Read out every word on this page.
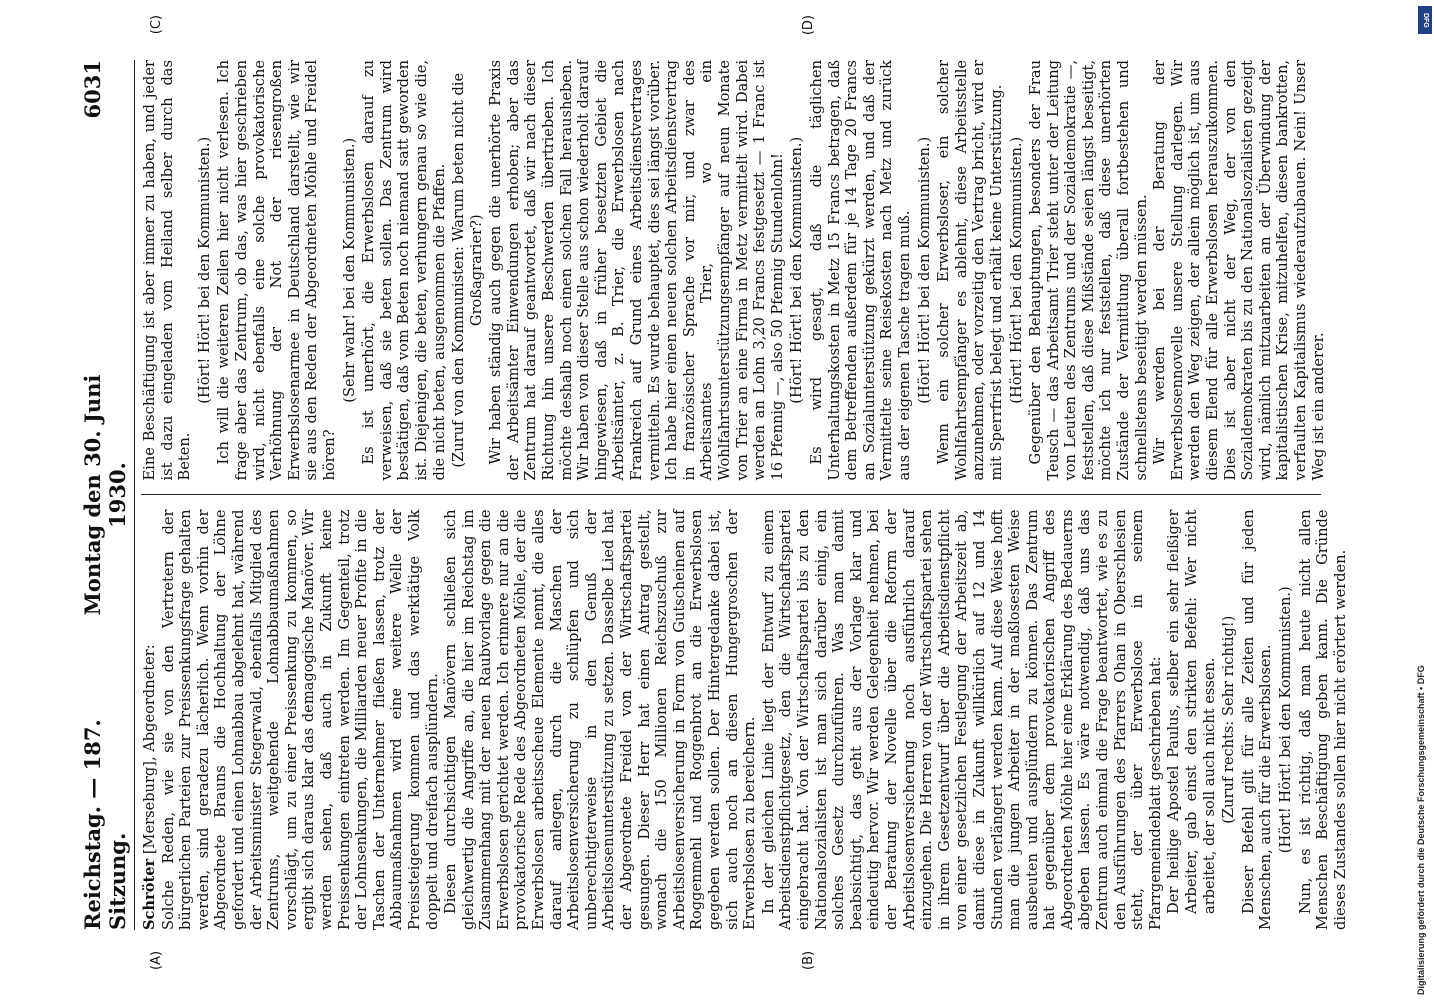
Reichstag. — 187. Sitzung.
Montag den 30. Juni 1930.
6031
(A)	(B)
(C)	(D)

Schröter [Merseburg], Abgeordneter: Solche Reden, wie sie von den Vertretern der bürgerlichen Parteien zur Preissenkungsfrage gehalten werden, sind geradezu lächerlich. Wenn vorhin der Abgeordnete Brauns die Hochhaltung der Löhne gefordert und einen Lohnabbau abgelehnt hat, während der Arbeitsminister Stegerwald, ebenfalls Mitglied des Zentrums, weitgehende Lohnabbaumaßnahmen vorschlägt, um zu einer Preissenkung zu kommen, so ergibt sich daraus klar das demagogische Manöver. Wir werden sehen, daß auch in Zukunft keine Preissenkungen eintreten werden. Im Gegenteil, trotz der Lohnsenkungen, die Milliarden neuer Profite in die Taschen der Unternehmer fließen lassen, trotz der Abbaumaßnahmen wird eine weitere Welle der Preissteigerung kommen und das werktätige Volk doppelt und dreifach ausplündern. Diesen durchsichtigen Manövern schließen sich gleichwertig die Angriffe an, die hier im Reichstag im Zusammenhang mit der neuen Raubvorlage gegen die Erwerbslosen gerichtet werden. Ich erinnere nur an die provokatorische Rede des Abgeordneten Möhle, der die Erwerbslosen arbeitsscheue Elemente nennt, die alles darauf anlegen, durch die Maschen der Arbeitslosenversicherung zu schlüpfen und sich unberechtigterweise in den Genuß der Arbeitslosenunterstützung zu setzen. Dasselbe Lied hat der Abgeordnete Freidel von der Wirtschaftspartei gesungen. Dieser Herr hat einen Antrag gestellt, wonach die 150 Millionen Reichszuschuß zur Arbeitslosenversicherung in Form von Gutscheinen auf Roggenmehl und Roggenbrot an die Erwerbslosen gegeben werden sollen. Der Hintergedanke dabei ist, sich auch noch an diesen Hungergroschen der Erwerbslosen zu bereichern. In der gleichen Linie liegt der Entwurf zu einem Arbeitsdienstpflichtgesetz, den die Wirtschaftspartei eingebracht hat. Von der Wirtschaftspartei bis zu den Nationalsozialisten ist man sich darüber einig, ein solches Gesetz durchzuführen. Was man damit beabsichtigt, das geht aus der Vorlage klar und eindeutig hervor. Wir werden Gelegenheit nehmen, bei der Beratung der Novelle über die Reform der Arbeitslosenversicherung noch ausführlich darauf einzugehen. Die Herren von der Wirtschaftspartei sehen in ihrem Gesetzentwurf über die Arbeitsdienstpflicht von einer gesetzlichen Festlegung der Arbeitszeit ab, damit diese in Zukunft willkürlich auf 12 und 14 Stunden verlängert werden kann. Auf diese Weise hofft man die jungen Arbeiter in der maßlosesten Weise ausbeuten und ausplündern zu können. Das Zentrum hat gegenüber dem provokatorischen Angriff des Abgeordneten Möhle hier eine Erklärung des Bedauerns abgeben lassen. Es wäre notwendig, daß uns das Zentrum auch einmal die Frage beantwortet, wie es zu den Ausführungen des Pfarrers Ohan in Oberschlesien steht, der über Erwerbslose in seinem Pfarrgemeindeblatt geschrieben hat: Der heilige Apostel Paulus, selber ein sehr fleißiger Arbeiter, gab einst den strikten Befehl: Wer nicht arbeitet, der soll auch nicht essen. (Zuruf rechts: Sehr richtig!) Dieser Befehl gilt für alle Zeiten und für jeden Menschen, auch für die Erwerbslosen. (Hört! Hört! bei den Kommunisten.) Nun, es ist richtig, daß man heute nicht allen Menschen Beschäftigung geben kann. Die Gründe dieses Zustandes sollen hier nicht erörtert werden.

Eine Beschäftigung ist aber immer zu haben, und jeder ist dazu eingeladen vom Heiland selber durch das Beten.

(Hört! Hört! bei den Kommunisten.) Ich will die weiteren Zeilen hier nicht verlesen. Ich frage aber das Zentrum, ob das, was hier geschrieben wird, nicht ebenfalls eine solche provokatorische Verhöhnung der Not der riesengroßen Erwerbslosenarmee in Deutschland darstellt, wie wir sie aus den Reden der Abgeordneten Möhle und Freidel hören?

(Sehr wahr! bei den Kommunisten.) Es ist unerhört, die Erwerbslosen darauf zu verweisen, daß sie beten sollen. Das Zentrum wird bestätigen, daß vom Beten noch niemand satt geworden ist. Diejenigen, die beten, verhungern genau so wie die, die nicht beten, ausgenommen die Pfaffen. (Zuruf von den Kommunisten: Warum beten nicht die Großagrarier?) Wir haben ständig auch gegen die unerhörte Praxis der Arbeitsämter Einwendungen erhoben; aber das Zentrum hat darauf geantwortet, daß wir nach dieser Richtung hin unsere Beschwerden übertrieben. Ich möchte deshalb noch einen solchen Fall herausheben. Wir haben von dieser Stelle aus schon wiederholt darauf hingewiesen, daß in früher besetzten Gebiet die Arbeitsämter, z. B. Trier, die Erwerbslosen nach Frankreich auf Grund eines Arbeitsdienstvertrages vermitteln. Es wurde behauptet, dies sei längst vorüber. Ich habe hier einen neuen solchen Arbeitsdienstvertrag in französischer Sprache vor mir, und zwar des Arbeitsamtes Trier, wo ein Wohlfahrtsunterstützungsempfänger auf neun Monate von Trier an eine Firma in Metz vermittelt wird. Dabei werden an Lohn 3,20 Francs festgesetzt — 1 Franc ist 16 Pfennig —, also 50 Pfennig Stundenlohn! (Hört! Hört! bei den Kommunisten.) Es wird gesagt, daß die täglichen Unterhaltungskosten in Metz 15 Francs betragen, daß dem Betreffenden außerdem für je 14 Tage 20 Francs an Sozialunterstützung gekürzt werden, und daß der Vermittelte seine Reisekosten nach Metz und zurück aus der eigenen Tasche tragen muß. (Hört! Hört! bei den Kommunisten.) Wenn ein solcher Erwerbsloser, ein solcher Wohlfahrtsempfänger es ablehnt, diese Arbeitsstelle anzunehmen, oder vorzeitig den Vertrag bricht, wird er mit Sperrfrist belegt und erhält keine Unterstützung. (Hört! Hört! bei den Kommunisten.) Gegenüber den Behauptungen, besonders der Frau Teusch — das Arbeitsamt Trier steht unter der Leitung von Leuten des Zentrums und der Sozialdemokratie —, feststellen, daß diese Mißstände seien längst beseitigt, möchte ich nur feststellen, daß diese unerhörten Zustände der Vermittlung überall fortbestehen und schnellstens beseitigt werden müssen. Wir werden bei der Beratung der Erwerbslosennovelle unsere Stellung darlegen. Wir werden den Weg zeigen, der allein möglich ist, um aus diesem Elend für alle Erwerbslosen herauszukommen. Dies ist aber nicht der Weg, der von den Sozialdemokraten bis zu den Nationalsozialisten gezeigt wird, nämlich mitzuarbeiten an der Überwindung der kapitalistischen Krise, mitzuhelfen, diesen bankrotten, verfaulten Kapitalismus wiederaufzubauen. Nein! Unser Weg ist ein anderer.

Digitalisierung gefördert durch die Deutsche Forschungsgemeinschaft • DFG
DFG
